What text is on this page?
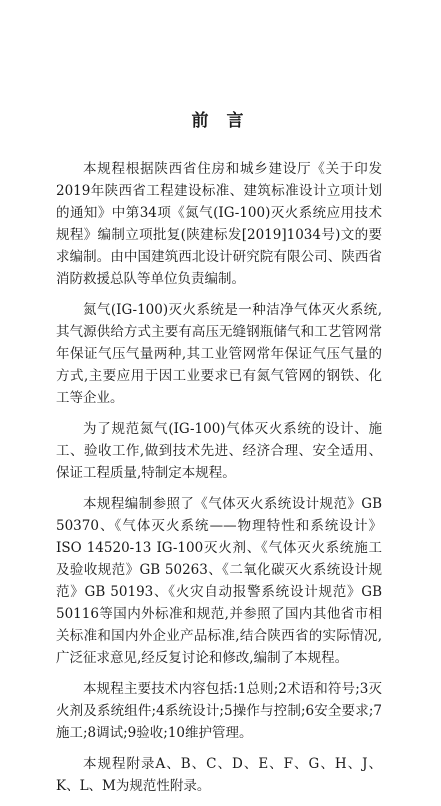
前 言

本规程根据陕西省住房和城乡建设厅《关于印发2019年陕西省工程建设标准、建筑标准设计立项计划的通知》中第34项《氮气(IG-100)灭火系统应用技术规程》编制立项批复(陕建标发[2019]1034号)文的要求编制。由中国建筑西北设计研究院有限公司、陕西省消防救援总队等单位负责编制。

氮气(IG-100)灭火系统是一种洁净气体灭火系统,其气源供给方式主要有高压无缝钢瓶储气和工艺管网常年保证气压气量两种,其工业管网常年保证气压气量的方式,主要应用于因工业要求已有氮气管网的钢铁、化工等企业。

为了规范氮气(IG-100)气体灭火系统的设计、施工、验收工作,做到技术先进、经济合理、安全适用、保证工程质量,特制定本规程。

本规程编制参照了《气体灭火系统设计规范》GB 50370、《气体灭火系统——物理特性和系统设计》ISO 14520-13 IG-100灭火剂、《气体灭火系统施工及验收规范》GB 50263、《二氧化碳灭火系统设计规范》GB 50193、《火灾自动报警系统设计规范》GB 50116等国内外标准和规范,并参照了国内其他省市相关标准和国内外企业产品标准,结合陕西省的实际情况,广泛征求意见,经反复讨论和修改,编制了本规程。

本规程主要技术内容包括:1总则;2术语和符号;3灭火剂及系统组件;4系统设计;5操作与控制;6安全要求;7施工;8调试;9验收;10维护管理。

本规程附录A、B、C、D、E、F、G、H、J、K、L、M为规范性附录。
